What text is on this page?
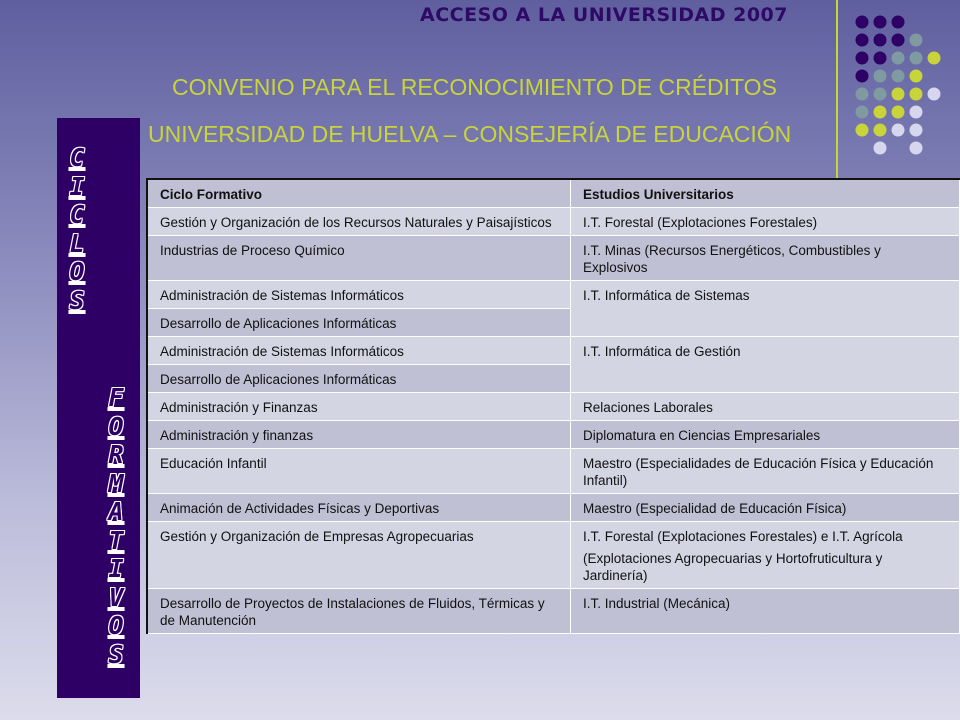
ACCESO A LA UNIVERSIDAD 2007
CONVENIO PARA EL RECONOCIMIENTO DE CRÉDITOS
UNIVERSIDAD DE HUELVA – CONSEJERÍA DE EDUCACIÓN
C
I
C
L
O
S
F
O
R
M
A
T
I
V
O
S
Ciclo Formativo	Estudios Universitarios
Gestión y Organización de los Recursos Naturales y Paisajísticos	I.T. Forestal (Explotaciones Forestales)
Industrias de Proceso Químico	I.T. Minas (Recursos Energéticos, Combustibles y Explosivos
Administración de Sistemas Informáticos	I.T. Informática de Sistemas
Desarrollo de Aplicaciones Informáticas	
Administración de Sistemas Informáticos	I.T. Informática de Gestión
Desarrollo de Aplicaciones Informáticas	
Administración y Finanzas	Relaciones Laborales
Administración y finanzas	Diplomatura en Ciencias Empresariales
Educación Infantil	Maestro (Especialidades de Educación Física y Educación Infantil)
Animación de Actividades Físicas y Deportivas	Maestro (Especialidad de Educación Física)
Gestión y Organización de Empresas Agropecuarias	I.T. Forestal (Explotaciones Forestales) e I.T. Agrícola
(Explotaciones Agropecuarias y Hortofruticultura y Jardinería)

Desarrollo de Proyectos de Instalaciones de Fluidos, Térmicas y de Manutención	I.T. Industrial (Mecánica)
